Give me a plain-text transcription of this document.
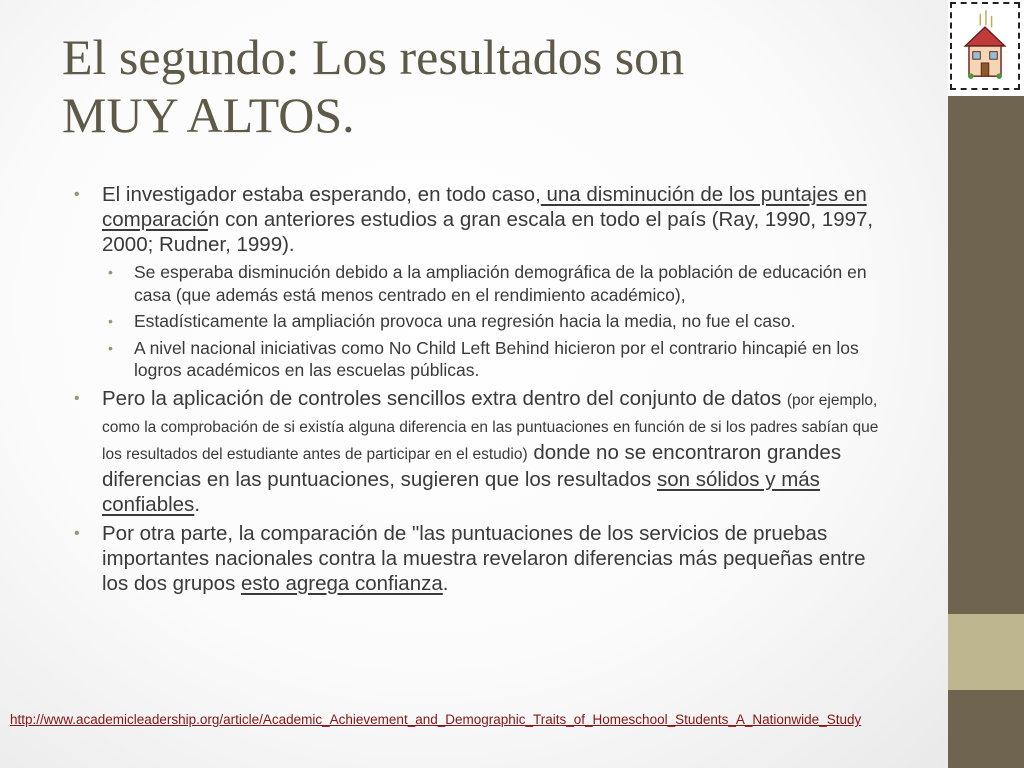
El segundo: Los resultados son
MUY ALTOS.

• El investigador estaba esperando, en todo caso, una disminución de los puntajes en comparación con anteriores estudios a gran escala en todo el país (Ray, 1990, 1997, 2000; Rudner, 1999).

• Se esperaba disminución debido a la ampliación demográfica de la población de educación en casa (que además está menos centrado en el rendimiento académico),

• Estadísticamente la ampliación provoca una regresión hacia la media, no fue el caso.

• A nivel nacional iniciativas como No Child Left Behind hicieron por el contrario hincapié en los logros académicos en las escuelas públicas.

• Pero la aplicación de controles sencillos extra dentro del conjunto de datos (por ejemplo, como la comprobación de si existía alguna diferencia en las puntuaciones en función de si los padres sabían que los resultados del estudiante antes de participar en el estudio) donde no se encontraron grandes diferencias en las puntuaciones, sugieren que los resultados son sólidos y más confiables.

• Por otra parte, la comparación de "las puntuaciones de los servicios de pruebas importantes nacionales contra la muestra revelaron diferencias más pequeñas entre los dos grupos esto agrega confianza.

http://www.academicleadership.org/article/Academic_Achievement_and_Demographic_Traits_of_Homeschool_Students_A_Nationwide_Study
